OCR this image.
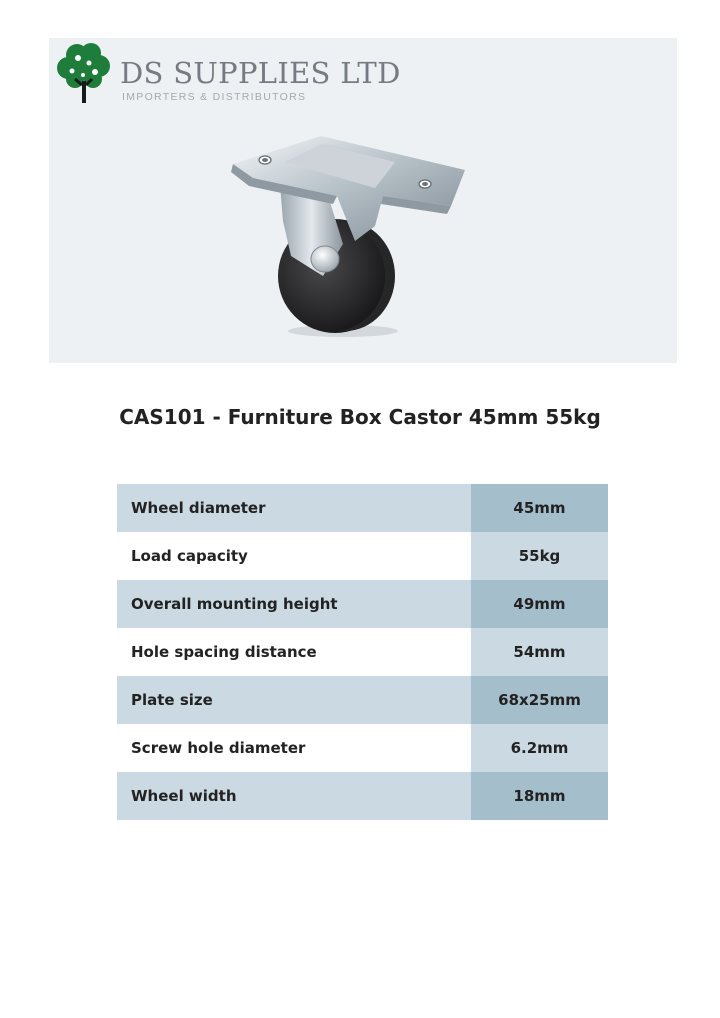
DS SUPPLIES LTD
IMPORTERS & DISTRIBUTORS
CAS101 - Furniture Box Castor 45mm 55kg
Wheel diameter	45mm
Load capacity	55kg
Overall mounting height	49mm
Hole spacing distance	54mm
Plate size	68x25mm
Screw hole diameter	6.2mm
Wheel width	18mm
